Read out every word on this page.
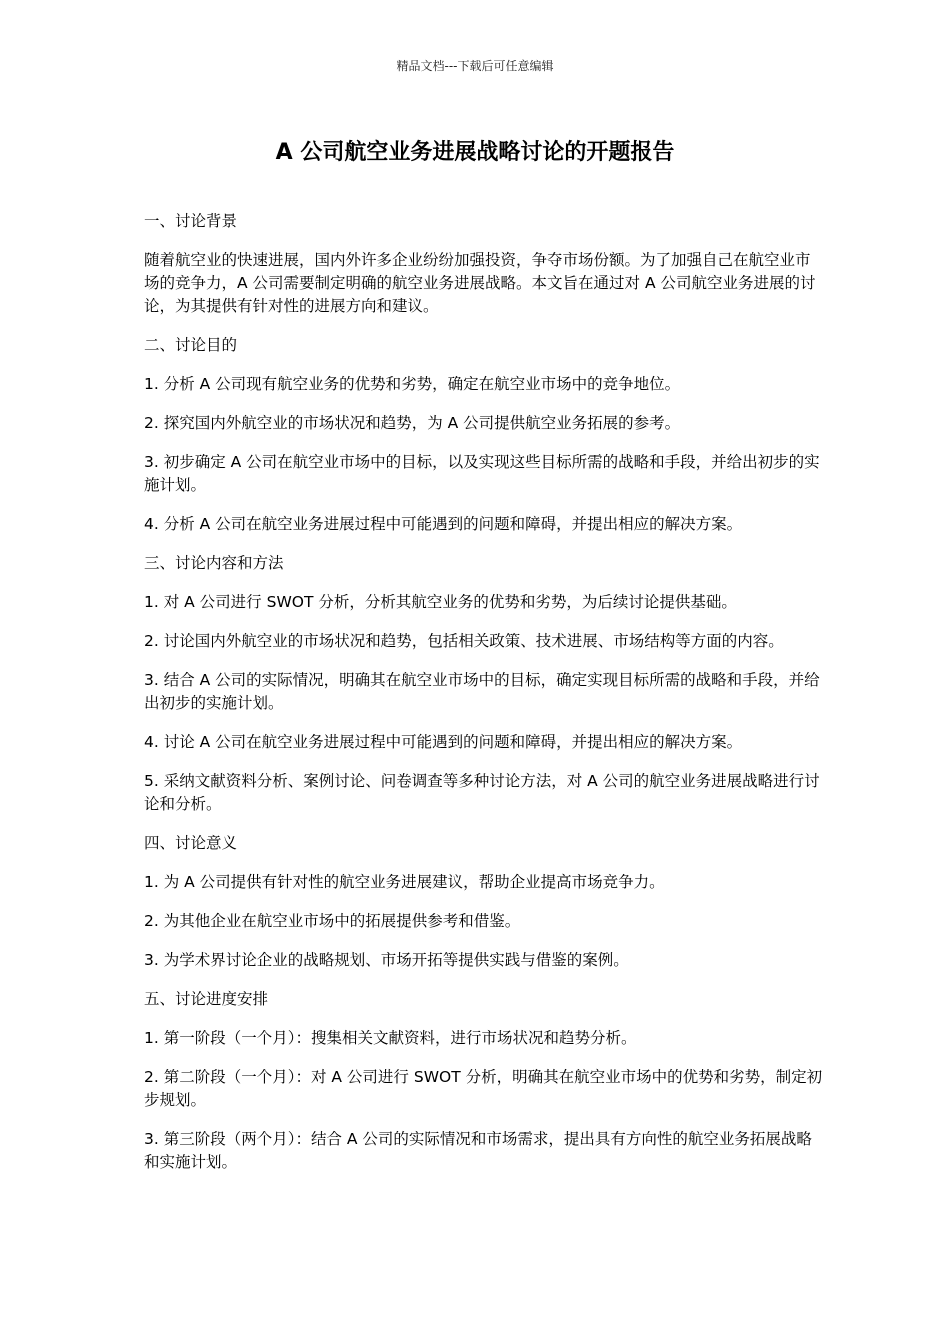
精品文档---下载后可任意编辑
A 公司航空业务进展战略讨论的开题报告

一、讨论背景

随着航空业的快速进展，国内外许多企业纷纷加强投资，争夺市场份额。为了加强自己在航空业市场的竞争力，A 公司需要制定明确的航空业务进展战略。本文旨在通过对 A 公司航空业务进展的讨论，为其提供有针对性的进展方向和建议。

二、讨论目的

1. 分析 A 公司现有航空业务的优势和劣势，确定在航空业市场中的竞争地位。

2. 探究国内外航空业的市场状况和趋势，为 A 公司提供航空业务拓展的参考。

3. 初步确定 A 公司在航空业市场中的目标，以及实现这些目标所需的战略和手段，并给出初步的实施计划。

4. 分析 A 公司在航空业务进展过程中可能遇到的问题和障碍，并提出相应的解决方案。

三、讨论内容和方法

1. 对 A 公司进行 SWOT 分析，分析其航空业务的优势和劣势，为后续讨论提供基础。

2. 讨论国内外航空业的市场状况和趋势，包括相关政策、技术进展、市场结构等方面的内容。

3. 结合 A 公司的实际情况，明确其在航空业市场中的目标，确定实现目标所需的战略和手段，并给出初步的实施计划。

4. 讨论 A 公司在航空业务进展过程中可能遇到的问题和障碍，并提出相应的解决方案。

5. 采纳文献资料分析、案例讨论、问卷调查等多种讨论方法，对 A 公司的航空业务进展战略进行讨论和分析。

四、讨论意义

1. 为 A 公司提供有针对性的航空业务进展建议，帮助企业提高市场竞争力。

2. 为其他企业在航空业市场中的拓展提供参考和借鉴。

3. 为学术界讨论企业的战略规划、市场开拓等提供实践与借鉴的案例。

五、讨论进度安排

1. 第一阶段（一个月）：搜集相关文献资料，进行市场状况和趋势分析。

2. 第二阶段（一个月）：对 A 公司进行 SWOT 分析，明确其在航空业市场中的优势和劣势，制定初步规划。

3. 第三阶段（两个月）：结合 A 公司的实际情况和市场需求，提出具有方向性的航空业务拓展战略和实施计划。
